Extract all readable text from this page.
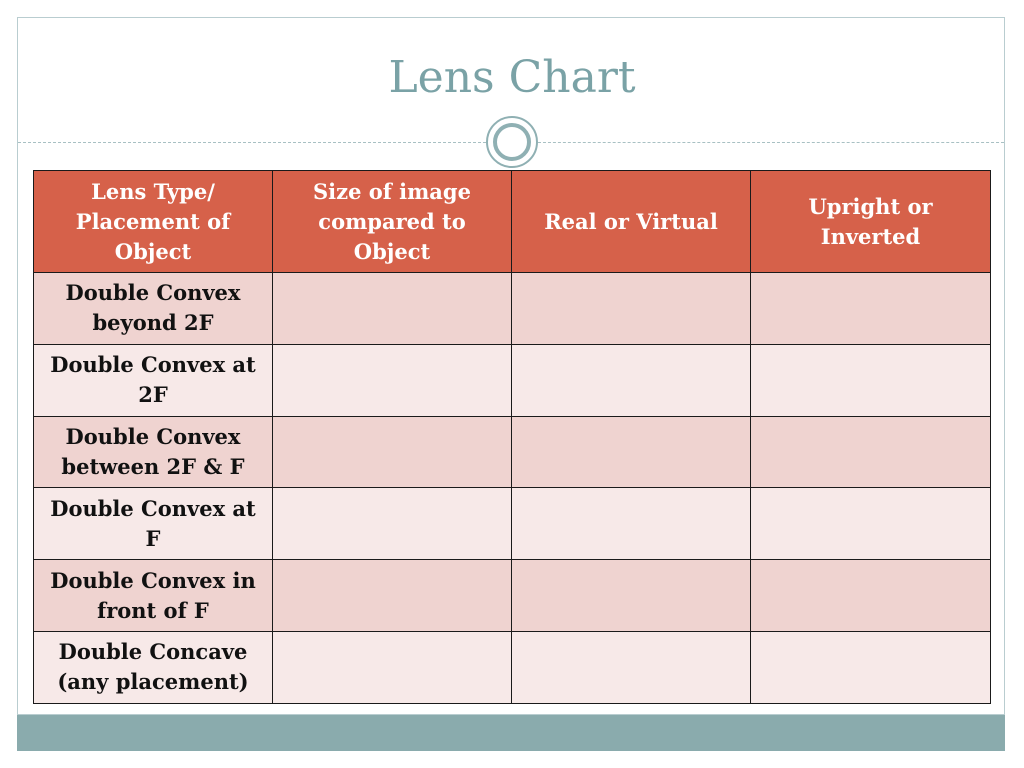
Lens Chart
Lens Type/ Placement of Object	Size of image compared to Object	Real or Virtual	Upright or Inverted
Double Convex beyond 2F			
Double Convex at 2F			
Double Convex between 2F & F			
Double Convex at F			
Double Convex in front of F			
Double Concave (any placement)			
